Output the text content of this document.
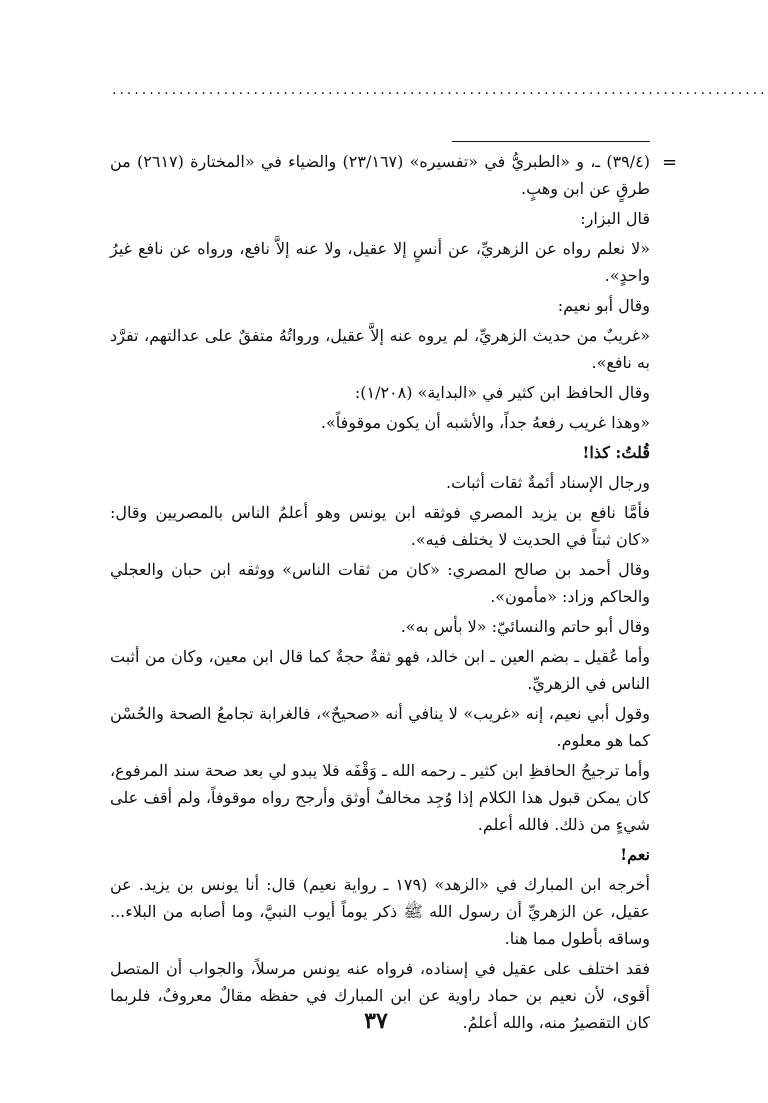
........................................................................................
=

(٣٩/٤) ـ، و «الطبريُّ في «تفسيره» (٢٣/١٦٧) والضياء في «المختارة (٢٦١٧) من طرقٍ عن ابن وهبٍ.

قال البزار:

«لا نعلم رواه عن الزهريِّ، عن أنسٍ إلا عقيل، ولا عنه إلاَّ نافع، ورواه عن نافع غيرُ واحدٍ».

وقال أبو نعيم:

«غريبٌ من حديث الزهريِّ، لم يروه عنه إلاَّ عقيل، ورواتُهُ متفقٌ على عدالتهم، تفرَّد به نافع».

وقال الحافظ ابن كثير في «البداية» (١/٢٠٨):

«وهذا غريب رفعهُ جداً، والأشبه أن يكون موقوفاً».

قُلتُ: كذا!

ورجال الإسناد أئمةٌ ثقات أثبات.

فأمَّا نافع بن يزيد المصري فوثقه ابن يونس وهو أعلمُ الناس بالمصريين وقال: «كان ثبتاً في الحديث لا يختلف فيه».

وقال أحمد بن صالح المصري: «كان من ثقات الناس» ووثقه ابن حبان والعجلي والحاكم وزاد: «مأمون».

وقال أبو حاتم والنسائيّ: «لا بأس به».

وأما عُقيل ـ بضم العين ـ ابن خالد، فهو ثقةٌ حجةٌ كما قال ابن معين، وكان من أثبت الناس في الزهريِّ.

وقول أبي نعيم، إنه «غريب» لا ينافي أنه «صحيحٌ»، فالغرابة تجامعُ الصحة والحُسْن كما هو معلوم.

وأما ترجيحُ الحافظِ ابن كثير ـ رحمه الله ـ وَقْفَه فلا يبدو لي بعد صحة سند المرفوع، كان يمكن قبول هذا الكلام إذا وُجِد مخالفٌ أوثق وأرجح رواه موقوفاً، ولم أقف على شيءٍ من ذلك. فالله أعلم.

نعم!

أخرجه ابن المبارك في «الزهد» (١٧٩ ـ رواية نعيم) قال: أنا يونس بن يزيد. عن عقيل، عن الزهريِّ أن رسول الله ﷺ ذكر يوماً أيوب النبيَّ، وما أصابه من البلاء... وساقه بأطول مما هنا.

فقد اختلف على عقيل في إسناده، فرواه عنه يونس مرسلاً، والجواب أن المتصل أقوى، لأن نعيم بن حماد راوية عن ابن المبارك في حفظه مقالٌ معروفٌ، فلربما كان التقصيرُ منه، والله أعلمُ.

٣٧
